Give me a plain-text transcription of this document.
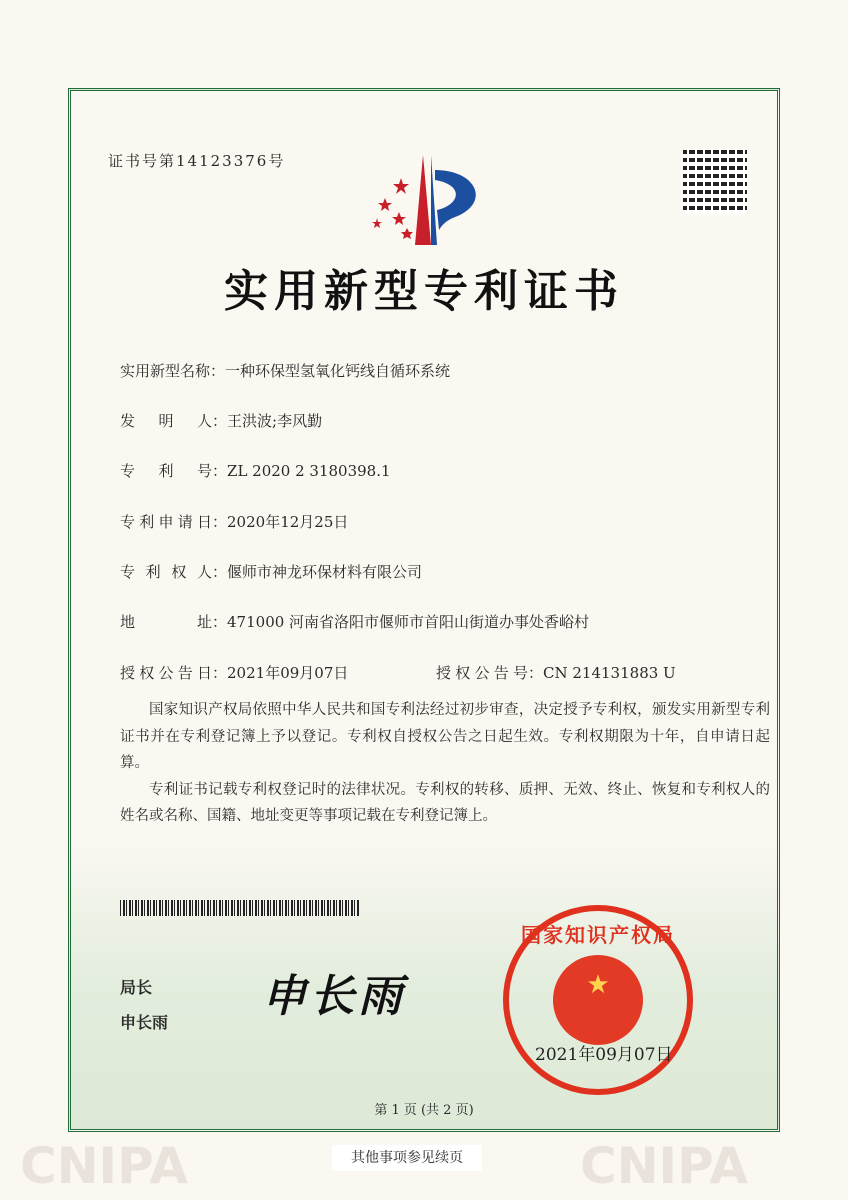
CNIPA	CNIPA
证书号第14123376号
实用新型专利证书
实用新型名称：一种环保型氢氧化钙线自循环系统
发明人：王洪波;李风勤
专利号：ZL 2020 2 3180398.1
专利申请日：2020年12月25日
专利权人：偃师市神龙环保材料有限公司
地址：471000 河南省洛阳市偃师市首阳山街道办事处香峪村
授权公告日：2021年09月07日	授权公告号：CN 214131883 U

国家知识产权局依照中华人民共和国专利法经过初步审查，决定授予专利权，颁发实用新型专利证书并在专利登记簿上予以登记。专利权自授权公告之日起生效。专利权期限为十年，自申请日起算。

专利证书记载专利权登记时的法律状况。专利权的转移、质押、无效、终止、恢复和专利权人的姓名或名称、国籍、地址变更等事项记载在专利登记簿上。

局长
申长雨
申长雨
国家知识产权局
★
2021年09月07日
第 1 页 (共 2 页)
其他事项参见续页
